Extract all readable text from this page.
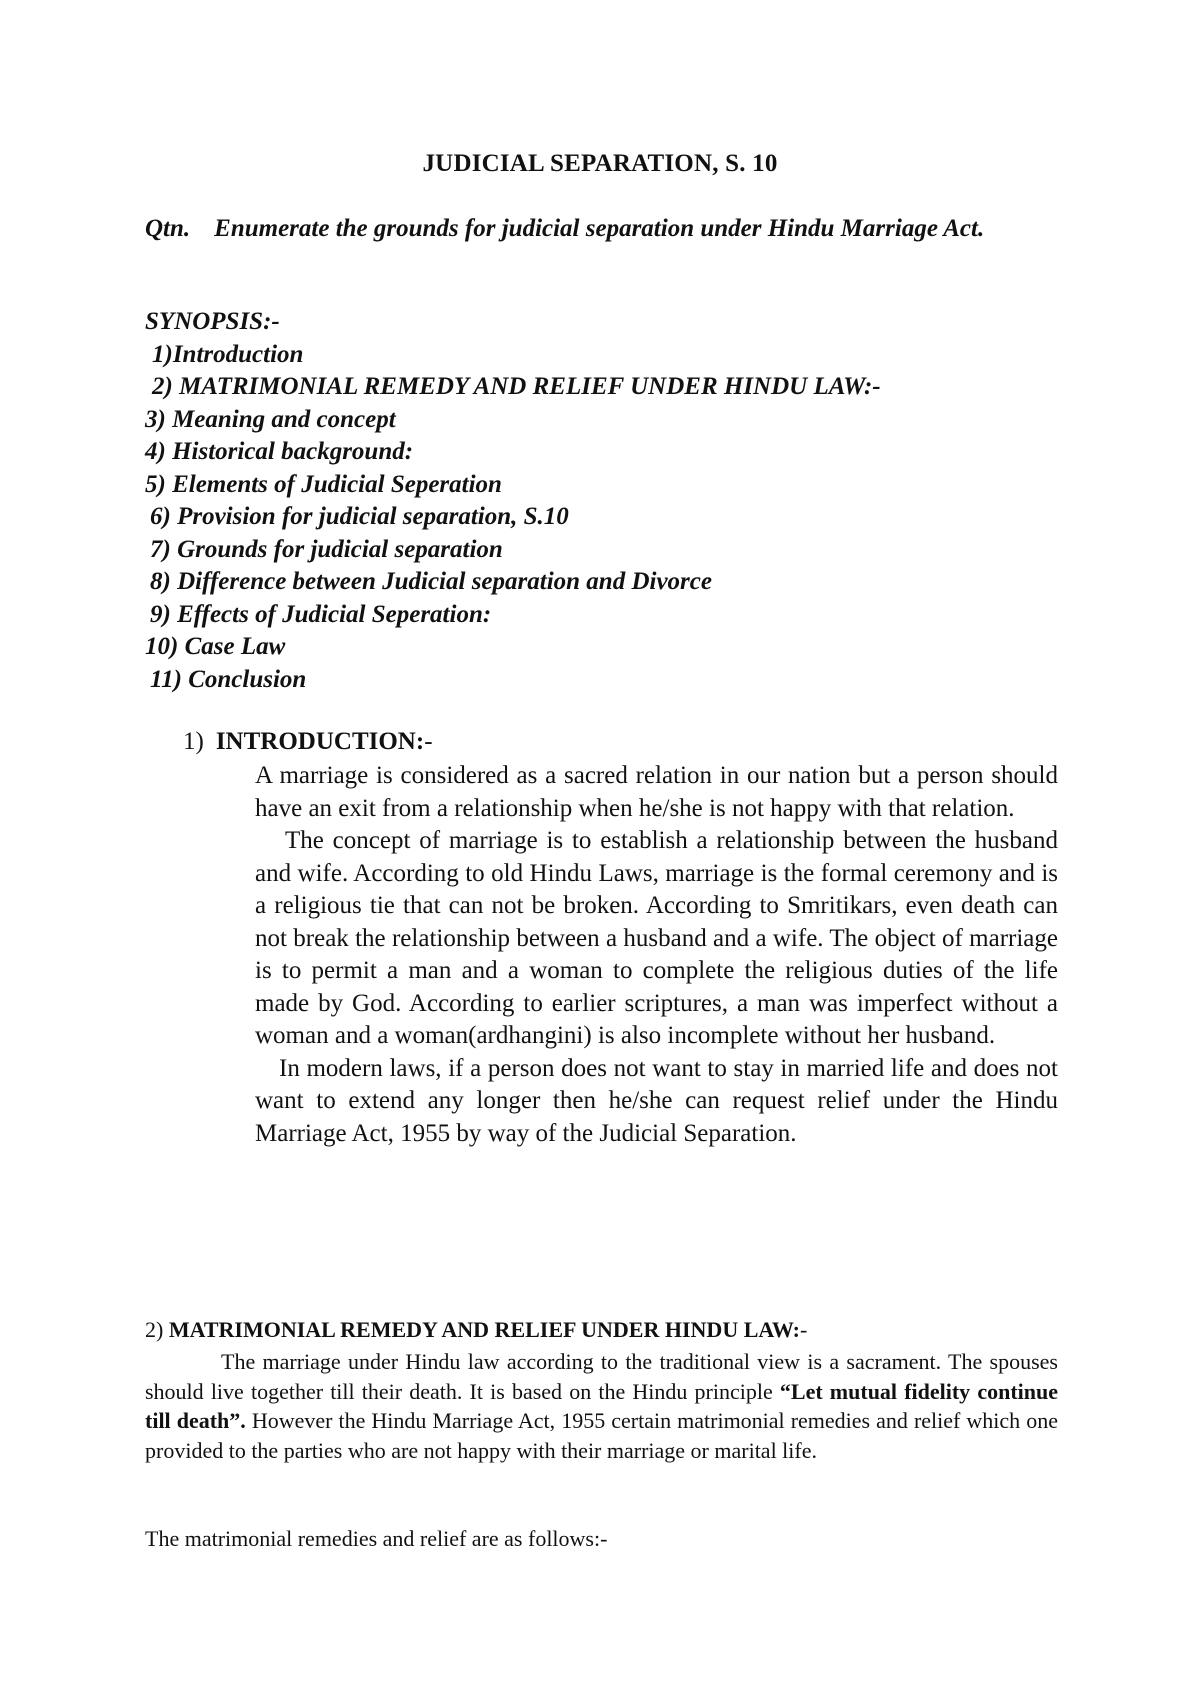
JUDICIAL SEPARATION, S. 10
Qtn. Enumerate the grounds for judicial separation under Hindu Marriage Act.
SYNOPSIS:-
1)Introduction
2) MATRIMONIAL REMEDY AND RELIEF UNDER HINDU LAW:-
3) Meaning and concept
4) Historical background:
5) Elements of Judicial Seperation
6) Provision for judicial separation, S.10
7) Grounds for judicial separation
8) Difference between Judicial separation and Divorce
9) Effects of Judicial Seperation:
10) Case Law
11) Conclusion
1) INTRODUCTION:-

A marriage is considered as a sacred relation in our nation but a person should have an exit from a relationship when he/she is not happy with that relation.

The concept of marriage is to establish a relationship between the husband and wife. According to old Hindu Laws, marriage is the formal ceremony and is a religious tie that can not be broken. According to Smritikars, even death can not break the relationship between a husband and a wife. The object of marriage is to permit a man and a woman to complete the religious duties of the life made by God. According to earlier scriptures, a man was imperfect without a woman and a woman(ardhangini) is also incomplete without her husband.

In modern laws, if a person does not want to stay in married life and does not want to extend any longer then he/she can request relief under the Hindu Marriage Act, 1955 by way of the Judicial Separation.

2) MATRIMONIAL REMEDY AND RELIEF UNDER HINDU LAW:-

The marriage under Hindu law according to the traditional view is a sacrament. The spouses should live together till their death. It is based on the Hindu principle “Let mutual fidelity continue till death”. However the Hindu Marriage Act, 1955 certain matrimonial remedies and relief which one provided to the parties who are not happy with their marriage or marital life.

The matrimonial remedies and relief are as follows:-
